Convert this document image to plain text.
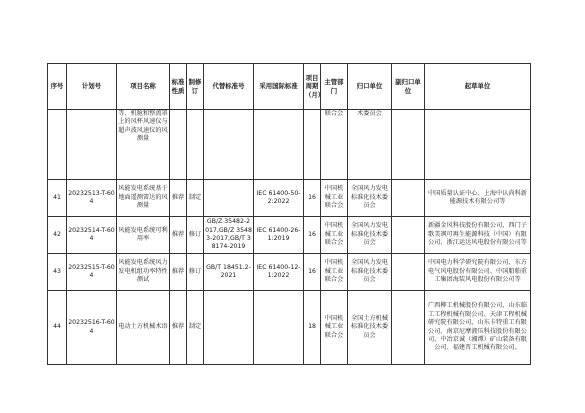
序号	计划号	项目名称	标准性质	制修订	代替标准号	采用国际标准	项目周期（月）	主管部门	归口单位	副归口单位	起草单位
		等、机舱和整流罩上的风杯风速仪与超声波风速仪的风测量						联合会	术委员会		
41	20232513-T-604	风能发电系统基于地面遥测雷达的风测量	推荐	制定		IEC 61400-50-2:2022	16	中国机械工业联合会	全国风力发电标准化技术委员会		中国质量认证中心、上海中认尚科新能源技术有限公司等
42	20232514-T-604	风能发电系统可利用率	推荐	修订	GB/Z 35482-2017,GB/Z 35483-2017,GB/T 38174-2019	IEC 61400-26-1:2019	16	中国机械工业联合会	全国风力发电标准化技术委员会		新疆金风科技股份有限公司、西门子歌美飒可再生能源科技（中国）有限公司、浙江运达风电股份有限公司等
43	20232515-T-604	风能发电系统风力发电机组功率特性测试	推荐	修订	GB/T 18451.2-2021	IEC 61400-12-1:2022	16	中国机械工业联合会	全国风力发电标准化技术委员会		中国电力科学研究院有限公司、东方电气风电股份有限公司、中国船舶重工集团海装风电股份有限公司等
44	20232516-T-604	电动土方机械术语	推荐	制定			18	中国机械工业联合会	全国土方机械标准化技术委员会		广西柳工机械股份有限公司、山东临工工程机械有限公司、天津工程机械研究院有限公司、山东卡特重工有限公司、南京尼摩液压科技股份有限公司、中冶京诚（湘潭）矿山装备有限公司、福建晋工机械有限公司、
